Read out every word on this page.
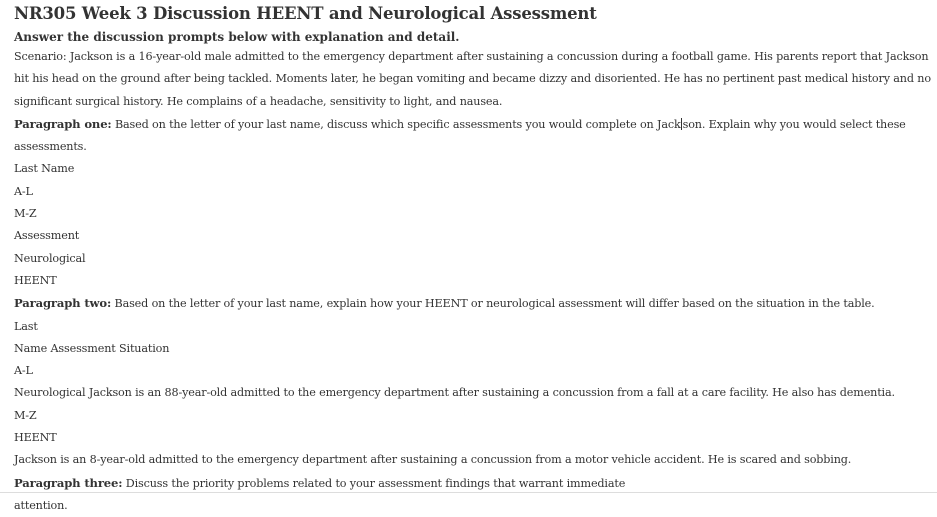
NR305 Week 3 Discussion HEENT and Neurological Assessment
Answer the discussion prompts below with explanation and detail.

Scenario: Jackson is a 16-year-old male admitted to the emergency department after sustaining a concussion during a football game. His parents report that Jackson hit his head on the ground after being tackled. Moments later, he began vomiting and became dizzy and disoriented. He has no pertinent past medical history and no significant surgical history. He complains of a headache, sensitivity to light, and nausea.

Paragraph one: Based on the letter of your last name, discuss which specific assessments you would complete on Jack son. Explain why you would select these assessments.

Last Name

A-L

M-Z

Assessment

Neurological

HEENT

Paragraph two: Based on the letter of your last name, explain how your HEENT or neurological assessment will differ based on the situation in the table.

Last

Name Assessment Situation

A-L

Neurological Jackson is an 88-year-old admitted to the emergency department after sustaining a concussion from a fall at a care facility. He also has dementia.

M-Z

HEENT

Jackson is an 8-year-old admitted to the emergency department after sustaining a concussion from a motor vehicle accident. He is scared and sobbing.

Paragraph three: Discuss the priority problems related to your assessment findings that warrant immediate

attention.
